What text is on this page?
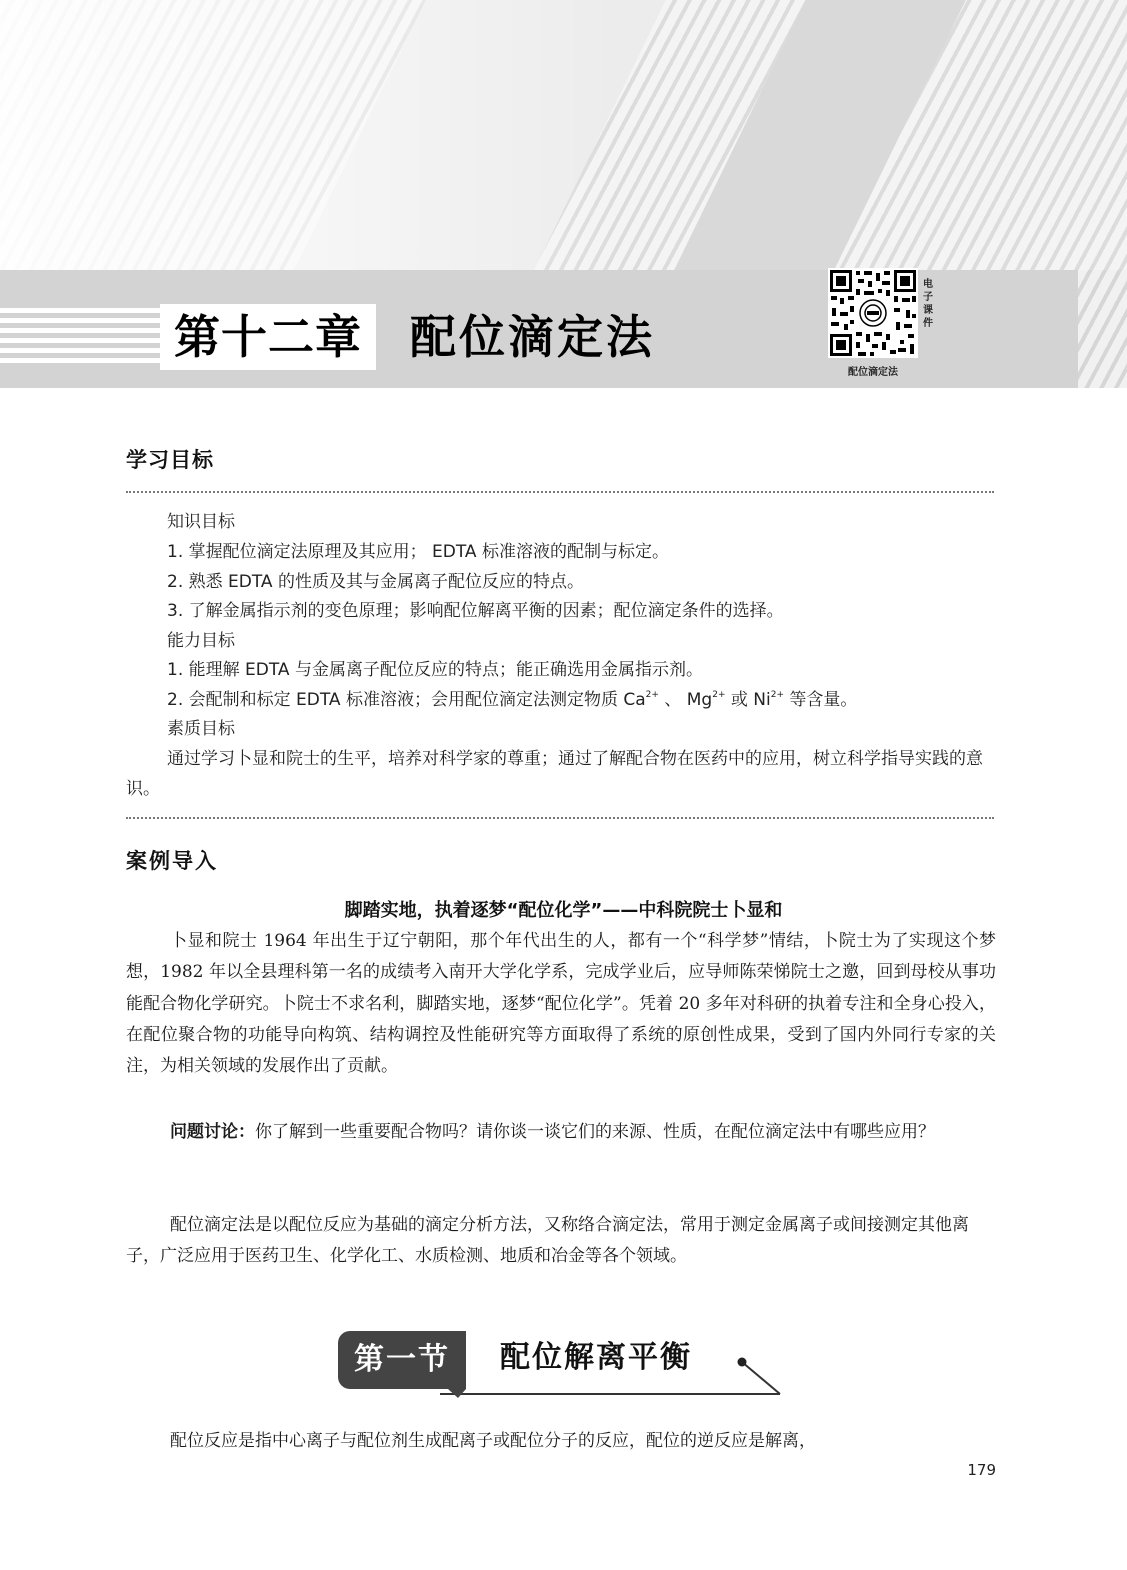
第十二章	配位滴定法
电子课件
配位滴定法
学习目标
知识目标
1. 掌握配位滴定法原理及其应用； EDTA 标准溶液的配制与标定。
2. 熟悉 EDTA 的性质及其与金属离子配位反应的特点。
3. 了解金属指示剂的变色原理；影响配位解离平衡的因素；配位滴定条件的选择。
能力目标
1. 能理解 EDTA 与金属离子配位反应的特点；能正确选用金属指示剂。
2. 会配制和标定 EDTA 标准溶液；会用配位滴定法测定物质 $Ca^{2+}$ 、 $Mg^{2+}$ 或 $Ni^{2+}$ 等含量。
素质目标
通过学习卜显和院士的生平，培养对科学家的尊重；通过了解配合物在医药中的应用，树立科学指导实践的意识。
案例导入
脚踏实地，执着逐梦“配位化学”——中科院院士卜显和
卜显和院士 1964 年出生于辽宁朝阳，那个年代出生的人，都有一个“科学梦”情结，卜院士为了实现这个梦想，1982 年以全县理科第一名的成绩考入南开大学化学系，完成学业后，应导师陈荣悌院士之邀，回到母校从事功能配合物化学研究。卜院士不求名利，脚踏实地，逐梦“配位化学”。凭着 20 多年对科研的执着专注和全身心投入，在配位聚合物的功能导向构筑、结构调控及性能研究等方面取得了系统的原创性成果，受到了国内外同行专家的关注，为相关领域的发展作出了贡献。
问题讨论：你了解到一些重要配合物吗？请你谈一谈它们的来源、性质，在配位滴定法中有哪些应用？
配位滴定法是以配位反应为基础的滴定分析方法，又称络合滴定法，常用于测定金属离子或间接测定其他离子，广泛应用于医药卫生、化学化工、水质检测、地质和冶金等各个领域。
第一节	配位解离平衡
配位反应是指中心离子与配位剂生成配离子或配位分子的反应，配位的逆反应是解离，
179
